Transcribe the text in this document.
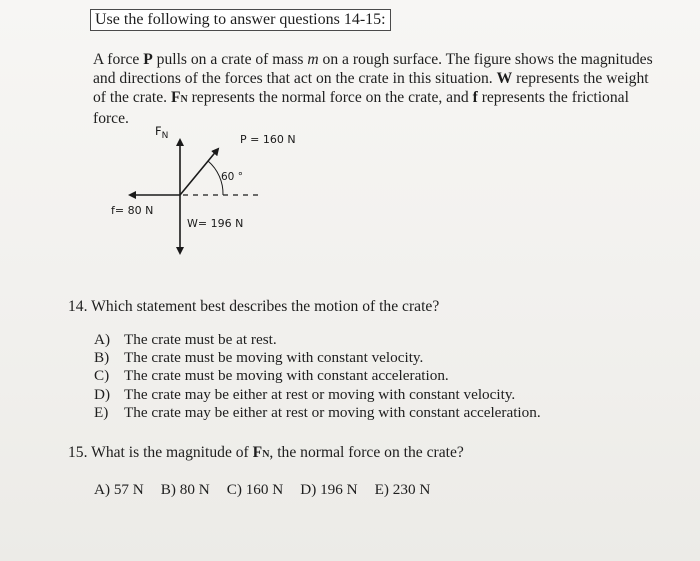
Use the following to answer questions 14-15:
A force P pulls on a crate of mass m on a rough surface. The figure shows the magnitudes and directions of the forces that act on the crate in this situation. W represents the weight of the crate. FN represents the normal force on the crate, and f represents the frictional force.
$F_N$	P = 160 N
60 °
f= 80 N
W= 196 N
14. Which statement best describes the motion of the crate?
A) The crate must be at rest.
B) The crate must be moving with constant velocity.
C) The crate must be moving with constant acceleration.
D) The crate may be either at rest or moving with constant velocity.
E)	The crate may be either at rest or moving with constant acceleration.
15. What is the magnitude of FN, the normal force on the crate?
A) 57 N B) 80 N C) 160 N D) 196 N E) 230 N
